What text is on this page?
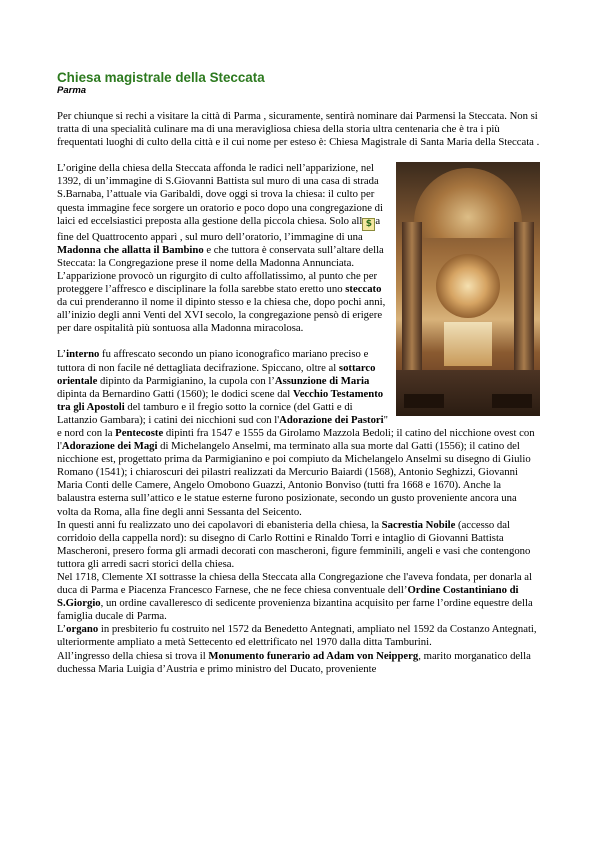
Chiesa magistrale della Steccata
Parma

Per chiunque si rechi a visitare la città di Parma , sicuramente, sentirà nominare dai Parmensi la Steccata. Non si tratta di una specialità culinare ma di una meravigliosa chiesa della storia ultra centenaria che è tra i più frequentati luoghi di culto della città e il cui nome per esteso è: Chiesa Magistrale di Santa Maria della Steccata .

L’origine della chiesa della Steccata affonda le radici nell’apparizione, nel 1392, di un’immagine di S.Giovanni Battista sul muro di una casa di strada S.Barnaba, l’attuale via Garibaldi, dove oggi si trova la chiesa: il culto per questa immagine fece sorgere un oratorio e poco dopo una congregazione di laici ed eccelsiastici preposta alla gestione della piccola chiesa. Solo all $ a fine del Quattrocento apparì , sul muro dell’oratorio, l’immagine di una Madonna che allatta il Bambino e che tuttora è conservata sull’altare della Steccata: la Congregazione prese il nome della Madonna Annunciata. L’apparizione provocò un rigurgito di culto affollatissimo, al punto che per proteggere l’affresco e disciplinare la folla sarebbe stato eretto uno steccato da cui prenderanno il nome il dipinto stesso e la chiesa che, dopo pochi anni, all’inizio degli anni Venti del XVI secolo, la congregazione pensò di erigere per dare ospitalità più sontuosa alla Madonna miracolosa.

L’interno fu affrescato secondo un piano iconografico mariano preciso e tuttora di non facile né dettagliata decifrazione. Spiccano, oltre al sottarco orientale dipinto da Parmigianino, la cupola con l’Assunzione di Maria dipinta da Bernardino Gatti (1560); le dodici scene dal Vecchio Testamento tra gli Apostoli del tamburo e il fregio sotto la cornice (del Gatti e di Lattanzio Gambara); i catini dei nicchioni sud con l'Adorazione dei Pastori" e nord con la Pentecoste dipinti fra 1547 e 1555 da Girolamo Mazzola Bedoli; il catino del nicchione ovest con l'Adorazione dei Magi di Michelangelo Anselmi, ma terminato alla sua morte dal Gatti (1556); il catino del nicchione est, progettato prima da Parmigianino e poi compiuto da Michelangelo Anselmi su disegno di Giulio Romano (1541); i chiaroscuri dei pilastri realizzati da Mercurio Baiardi (1568), Antonio Seghizzi, Giovanni Maria Conti delle Camere, Angelo Omobono Guazzi, Antonio Bonviso (tutti fra 1668 e 1670). Anche la balaustra esterna sull’attico e le statue esterne furono posizionate, secondo un gusto proveniente ancora una volta da Roma, alla fine degli anni Sessanta del Seicento.

In questi anni fu realizzato uno dei capolavori di ebanisteria della chiesa, la Sacrestia Nobile (accesso dal corridoio della cappella nord): su disegno di Carlo Rottini e Rinaldo Torri e intaglio di Giovanni Battista Mascheroni, presero forma gli armadi decorati con mascheroni, figure femminili, angeli e vasi che contengono tuttora gli arredi sacri storici della chiesa.

Nel 1718, Clemente XI sottrasse la chiesa della Steccata alla Congregazione che l'aveva fondata, per donarla al duca di Parma e Piacenza Francesco Farnese, che ne fece chiesa conventuale dell’Ordine Costantiniano di S.Giorgio, un ordine cavalleresco di sedicente provenienza bizantina acquisito per farne l’ordine equestre della famiglia ducale di Parma.

L’organo in presbiterio fu costruito nel 1572 da Benedetto Antegnati, ampliato nel 1592 da Costanzo Antegnati, ulteriormente ampliato a metà Settecento ed elettrificato nel 1970 dalla ditta Tamburini.

All’ingresso della chiesa si trova il Monumento funerario ad Adam von Neipperg, marito morganatico della duchessa Maria Luigia d’Austria e primo ministro del Ducato, proveniente
